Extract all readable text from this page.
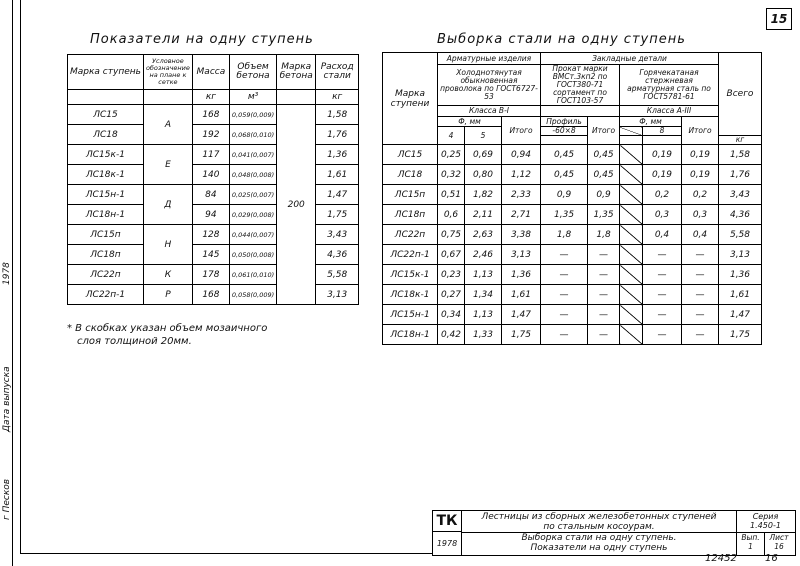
1978
Дата выпуска
г Песков
15
Показатели на одну ступень	Выборка стали на одну ступень
Марка ступень	Условное обозначение на плане к сетке	Масса	Объем бетона	Марка бетона	Расход стали
		кг	м³		кг
ЛС15	А	168	0,059(0,009)	200	1,58
ЛС18		192	0,068(0,010)		1,76
ЛС15к-1	Е	117	0,041(0,007)		1,36
ЛС18к-1		140	0,048(0,008)		1,61
ЛС15н-1	Д	84	0,025(0,007)		1,47
ЛС18н-1		94	0,029(0,008)		1,75
ЛС15п	Н	128	0,044(0,007)		3,43
ЛС18п		145	0,050(0,008)		4,36
ЛС22п	К	178	0,061(0,010)		5,58
ЛС22п-1	Р	168	0,058(0,009)		3,13
* В скобках указан объем мозаичного
слоя толщиной 20мм.
Марка ступени	Арматурные изделия			Закладные детали					Всего
	Холоднотянутая обыкновенная проволока по ГОСТ6727-53			Прокат марки ВМСт.3кп2 по ГОСТ380-71 сортамент по ГОСТ103-57		Горячекатаная стержневая арматурная сталь по ГОСТ5781-61			
	Класса В-I					Класса А-III			
	Ф, мм		Итого	Профиль	Итого	Ф, мм		Итого	
	4	5		-60×8			8		
									кг
ЛС15	0,25	0,69	0,94	0,45	0,45		0,19	0,19	1,58
ЛС18	0,32	0,80	1,12	0,45	0,45		0,19	0,19	1,76
ЛС15п	0,51	1,82	2,33	0,9	0,9		0,2	0,2	3,43
ЛС18п	0,6	2,11	2,71	1,35	1,35		0,3	0,3	4,36
ЛС22п	0,75	2,63	3,38	1,8	1,8		0,4	0,4	5,58
ЛС22п-1	0,67	2,46	3,13	—	—		—	—	3,13
ЛС15к-1	0,23	1,13	1,36	—	—		—	—	1,36
ЛС18к-1	0,27	1,34	1,61	—	—		—	—	1,61
ЛС15н-1	0,34	1,13	1,47	—	—		—	—	1,47
ЛС18н-1	0,42	1,33	1,75	—	—		—	—	1,75
ТК
1978
Лестницы из сборных железобетонных ступеней
по стальным косоурам.
Выборка стали на одну ступень.
Показатели на одну ступень
Серия
1.450-1
Вып.
1
Лист
16
12452	16
